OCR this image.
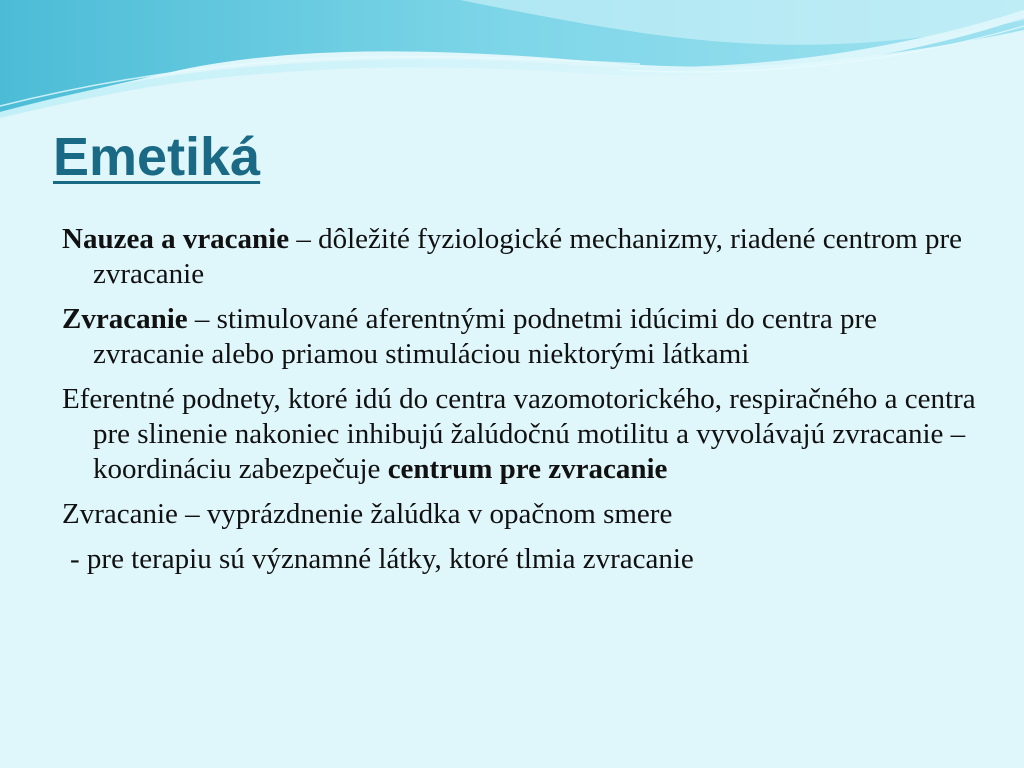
Emetiká

Nauzea a vracanie – dôležité fyziologické mechanizmy, riadené centrom pre zvracanie

Zvracanie – stimulované aferentnými podnetmi idúcimi do centra pre zvracanie alebo priamou stimuláciou niektorými látkami

Eferentné podnety, ktoré idú do centra vazomotorického, respiračného a centra pre slinenie nakoniec inhibujú žalúdočnú motilitu a vyvolávajú zvracanie – koordináciu zabezpečuje centrum pre zvracanie

Zvracanie – vyprázdnenie žalúdka v opačnom smere

- pre terapiu sú významné látky, ktoré tlmia zvracanie
